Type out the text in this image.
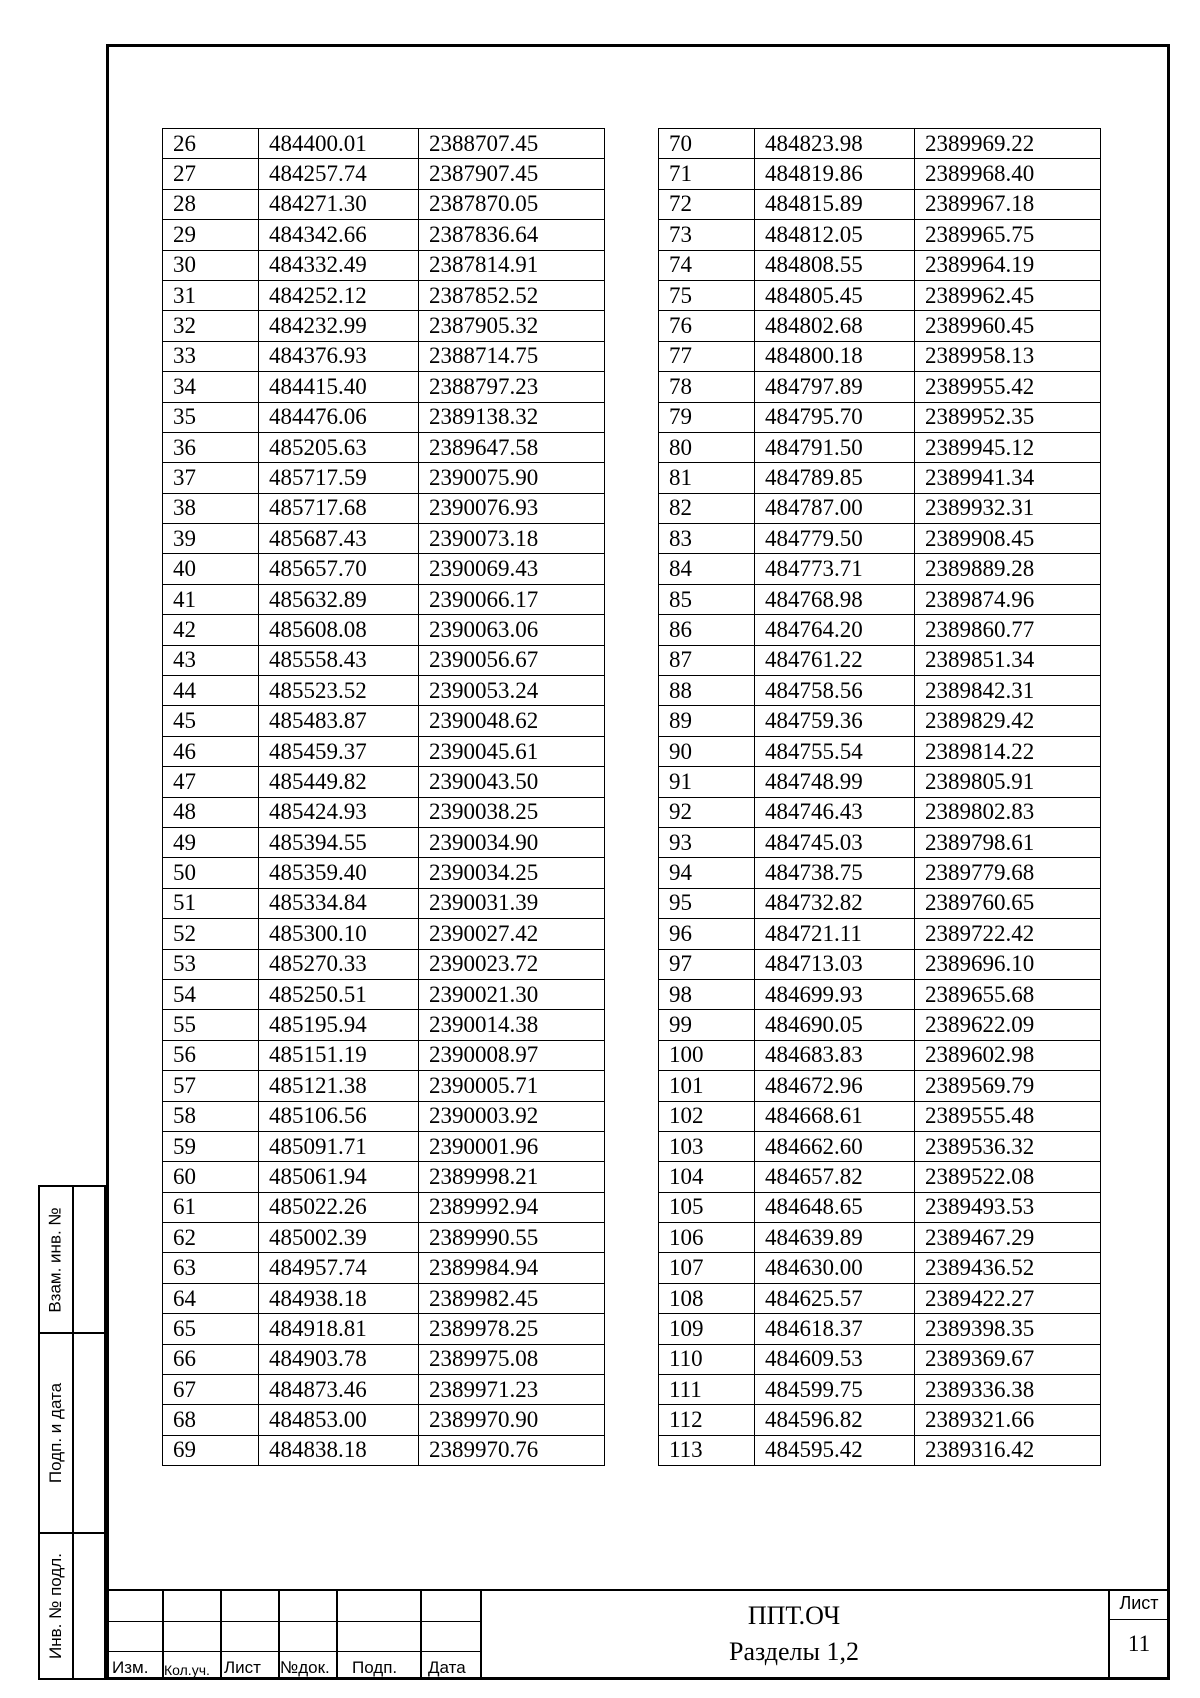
26	484400.01	2388707.45
27	484257.74	2387907.45
28	484271.30	2387870.05
29	484342.66	2387836.64
30	484332.49	2387814.91
31	484252.12	2387852.52
32	484232.99	2387905.32
33	484376.93	2388714.75
34	484415.40	2388797.23
35	484476.06	2389138.32
36	485205.63	2389647.58
37	485717.59	2390075.90
38	485717.68	2390076.93
39	485687.43	2390073.18
40	485657.70	2390069.43
41	485632.89	2390066.17
42	485608.08	2390063.06
43	485558.43	2390056.67
44	485523.52	2390053.24
45	485483.87	2390048.62
46	485459.37	2390045.61
47	485449.82	2390043.50
48	485424.93	2390038.25
49	485394.55	2390034.90
50	485359.40	2390034.25
51	485334.84	2390031.39
52	485300.10	2390027.42
53	485270.33	2390023.72
54	485250.51	2390021.30
55	485195.94	2390014.38
56	485151.19	2390008.97
57	485121.38	2390005.71
58	485106.56	2390003.92
59	485091.71	2390001.96
60	485061.94	2389998.21
61	485022.26	2389992.94
62	485002.39	2389990.55
63	484957.74	2389984.94
64	484938.18	2389982.45
65	484918.81	2389978.25
66	484903.78	2389975.08
67	484873.46	2389971.23
68	484853.00	2389970.90
69	484838.18	2389970.76
70	484823.98	2389969.22
71	484819.86	2389968.40
72	484815.89	2389967.18
73	484812.05	2389965.75
74	484808.55	2389964.19
75	484805.45	2389962.45
76	484802.68	2389960.45
77	484800.18	2389958.13
78	484797.89	2389955.42
79	484795.70	2389952.35
80	484791.50	2389945.12
81	484789.85	2389941.34
82	484787.00	2389932.31
83	484779.50	2389908.45
84	484773.71	2389889.28
85	484768.98	2389874.96
86	484764.20	2389860.77
87	484761.22	2389851.34
88	484758.56	2389842.31
89	484759.36	2389829.42
90	484755.54	2389814.22
91	484748.99	2389805.91
92	484746.43	2389802.83
93	484745.03	2389798.61
94	484738.75	2389779.68
95	484732.82	2389760.65
96	484721.11	2389722.42
97	484713.03	2389696.10
98	484699.93	2389655.68
99	484690.05	2389622.09
100	484683.83	2389602.98
101	484672.96	2389569.79
102	484668.61	2389555.48
103	484662.60	2389536.32
104	484657.82	2389522.08
105	484648.65	2389493.53
106	484639.89	2389467.29
107	484630.00	2389436.52
108	484625.57	2389422.27
109	484618.37	2389398.35
110	484609.53	2389369.67
111	484599.75	2389336.38
112	484596.82	2389321.66
113	484595.42	2389316.42
Взам. инв. №
Подп. и дата
Инв. № подл.
Изм. Кол.уч. Лист №док. Подп. Дата
ППТ.ОЧ
Разделы 1,2
Лист
11
